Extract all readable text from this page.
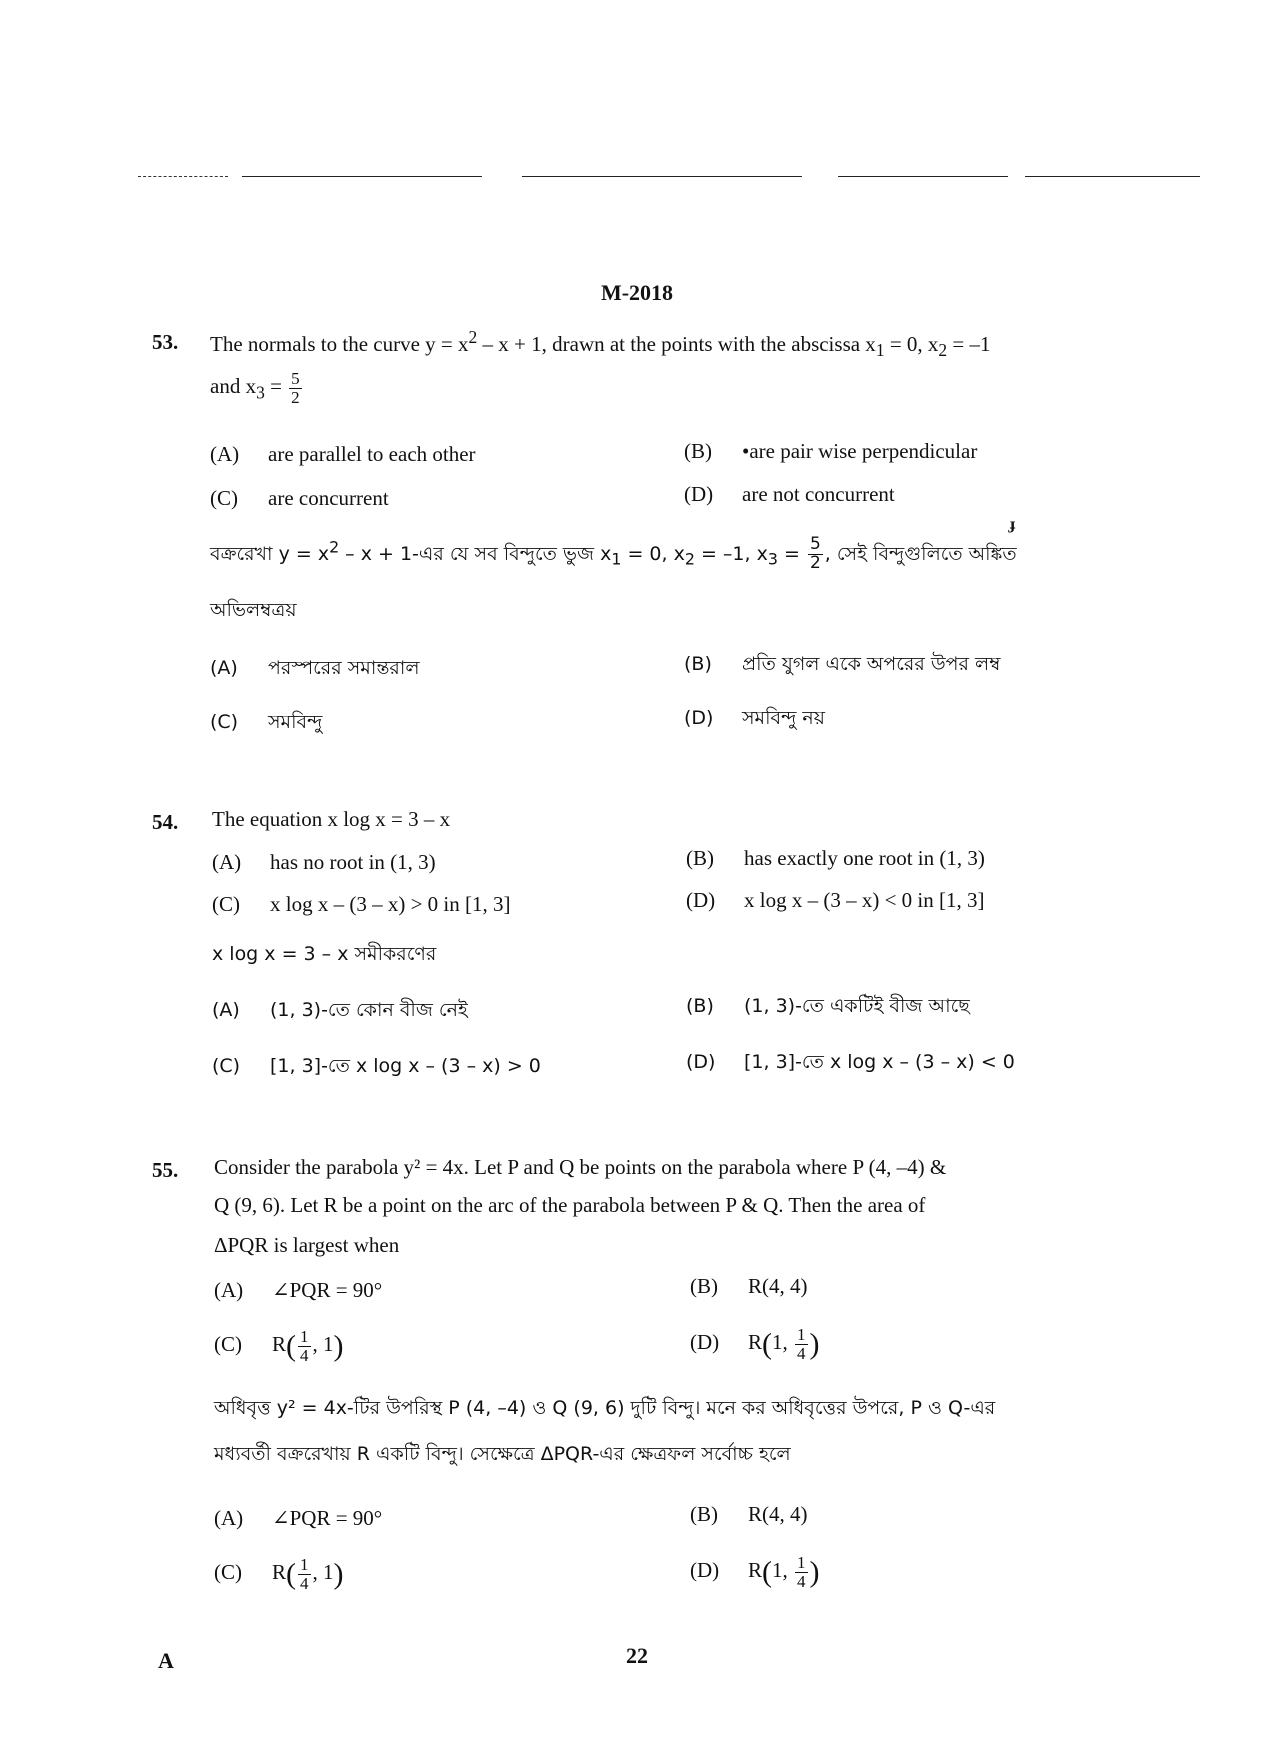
M-2018
53. The normals to the curve $y = x^2 - x + 1$, drawn at the points with the abscissa $x_1 = 0$, $x_2 = -1$
and $x_3 = \frac{5}{2}$
(A) are parallel to each other	(B) •are pair wise perpendicular
(C) are concurrent	(D) are not concurrent
ɟ
বক্ররেখা $y = x^2 - x$ + 1-এর যে সব বিন্দুতে ভুজ $x_1 = 0$, $x_2 = -1$, $x_3 = \frac{5}{2}$ , সেই বিন্দুগুলিতে অঙ্কিত
অভিলম্বত্রয়
(A) পরস্পরের সমান্তরাল	(B) প্রতি যুগল একে অপরের উপর লম্ব
(C) সমবিন্দু	(D) সমবিন্দু নয়
54. The equation x log x = 3 – x
(A) has no root in (1, 3)	(B) has exactly one root in (1, 3)
(C) x log x – (3 – x) > 0 in [1, 3]	(D) x log x – (3 – x) < 0 in [1, 3]
x log x = 3 – x সমীকরণের
(A) (1, 3)-তে কোন বীজ নেই	(B) (1, 3)-তে একটিই বীজ আছে
(C) [1, 3]-তে x log x – (3 – x) > 0	(D) [1, 3]-তে x log x – (3 – x) < 0
55. Consider the parabola y² = 4x. Let P and Q be points on the parabola where P (4, –4) &
Q (9, 6). Let R be a point on the arc of the parabola between P & Q. Then the area of
ΔPQR is largest when
(A) ∠PQR = 90°	(B) R(4, 4)
(C) $R( \frac{1}{4}$ , 1)	(D) R(1, $\frac{1}{4}$ )
অধিবৃত্ত y² = 4x-টির উপরিস্থ P (4, –4) ও Q (9, 6) দুটি বিন্দু। মনে কর অধিবৃত্তের উপরে, P ও Q-এর
মধ্যবর্তী বক্ররেখায় R একটি বিন্দু। সেক্ষেত্রে ΔPQR-এর ক্ষেত্রফল সর্বোচ্চ হলে
(A) ∠PQR = 90°	(B) R(4, 4)
(C) $R( \frac{1}{4}$ , 1)	(D) R(1, $\frac{1}{4}$ )
A	22
